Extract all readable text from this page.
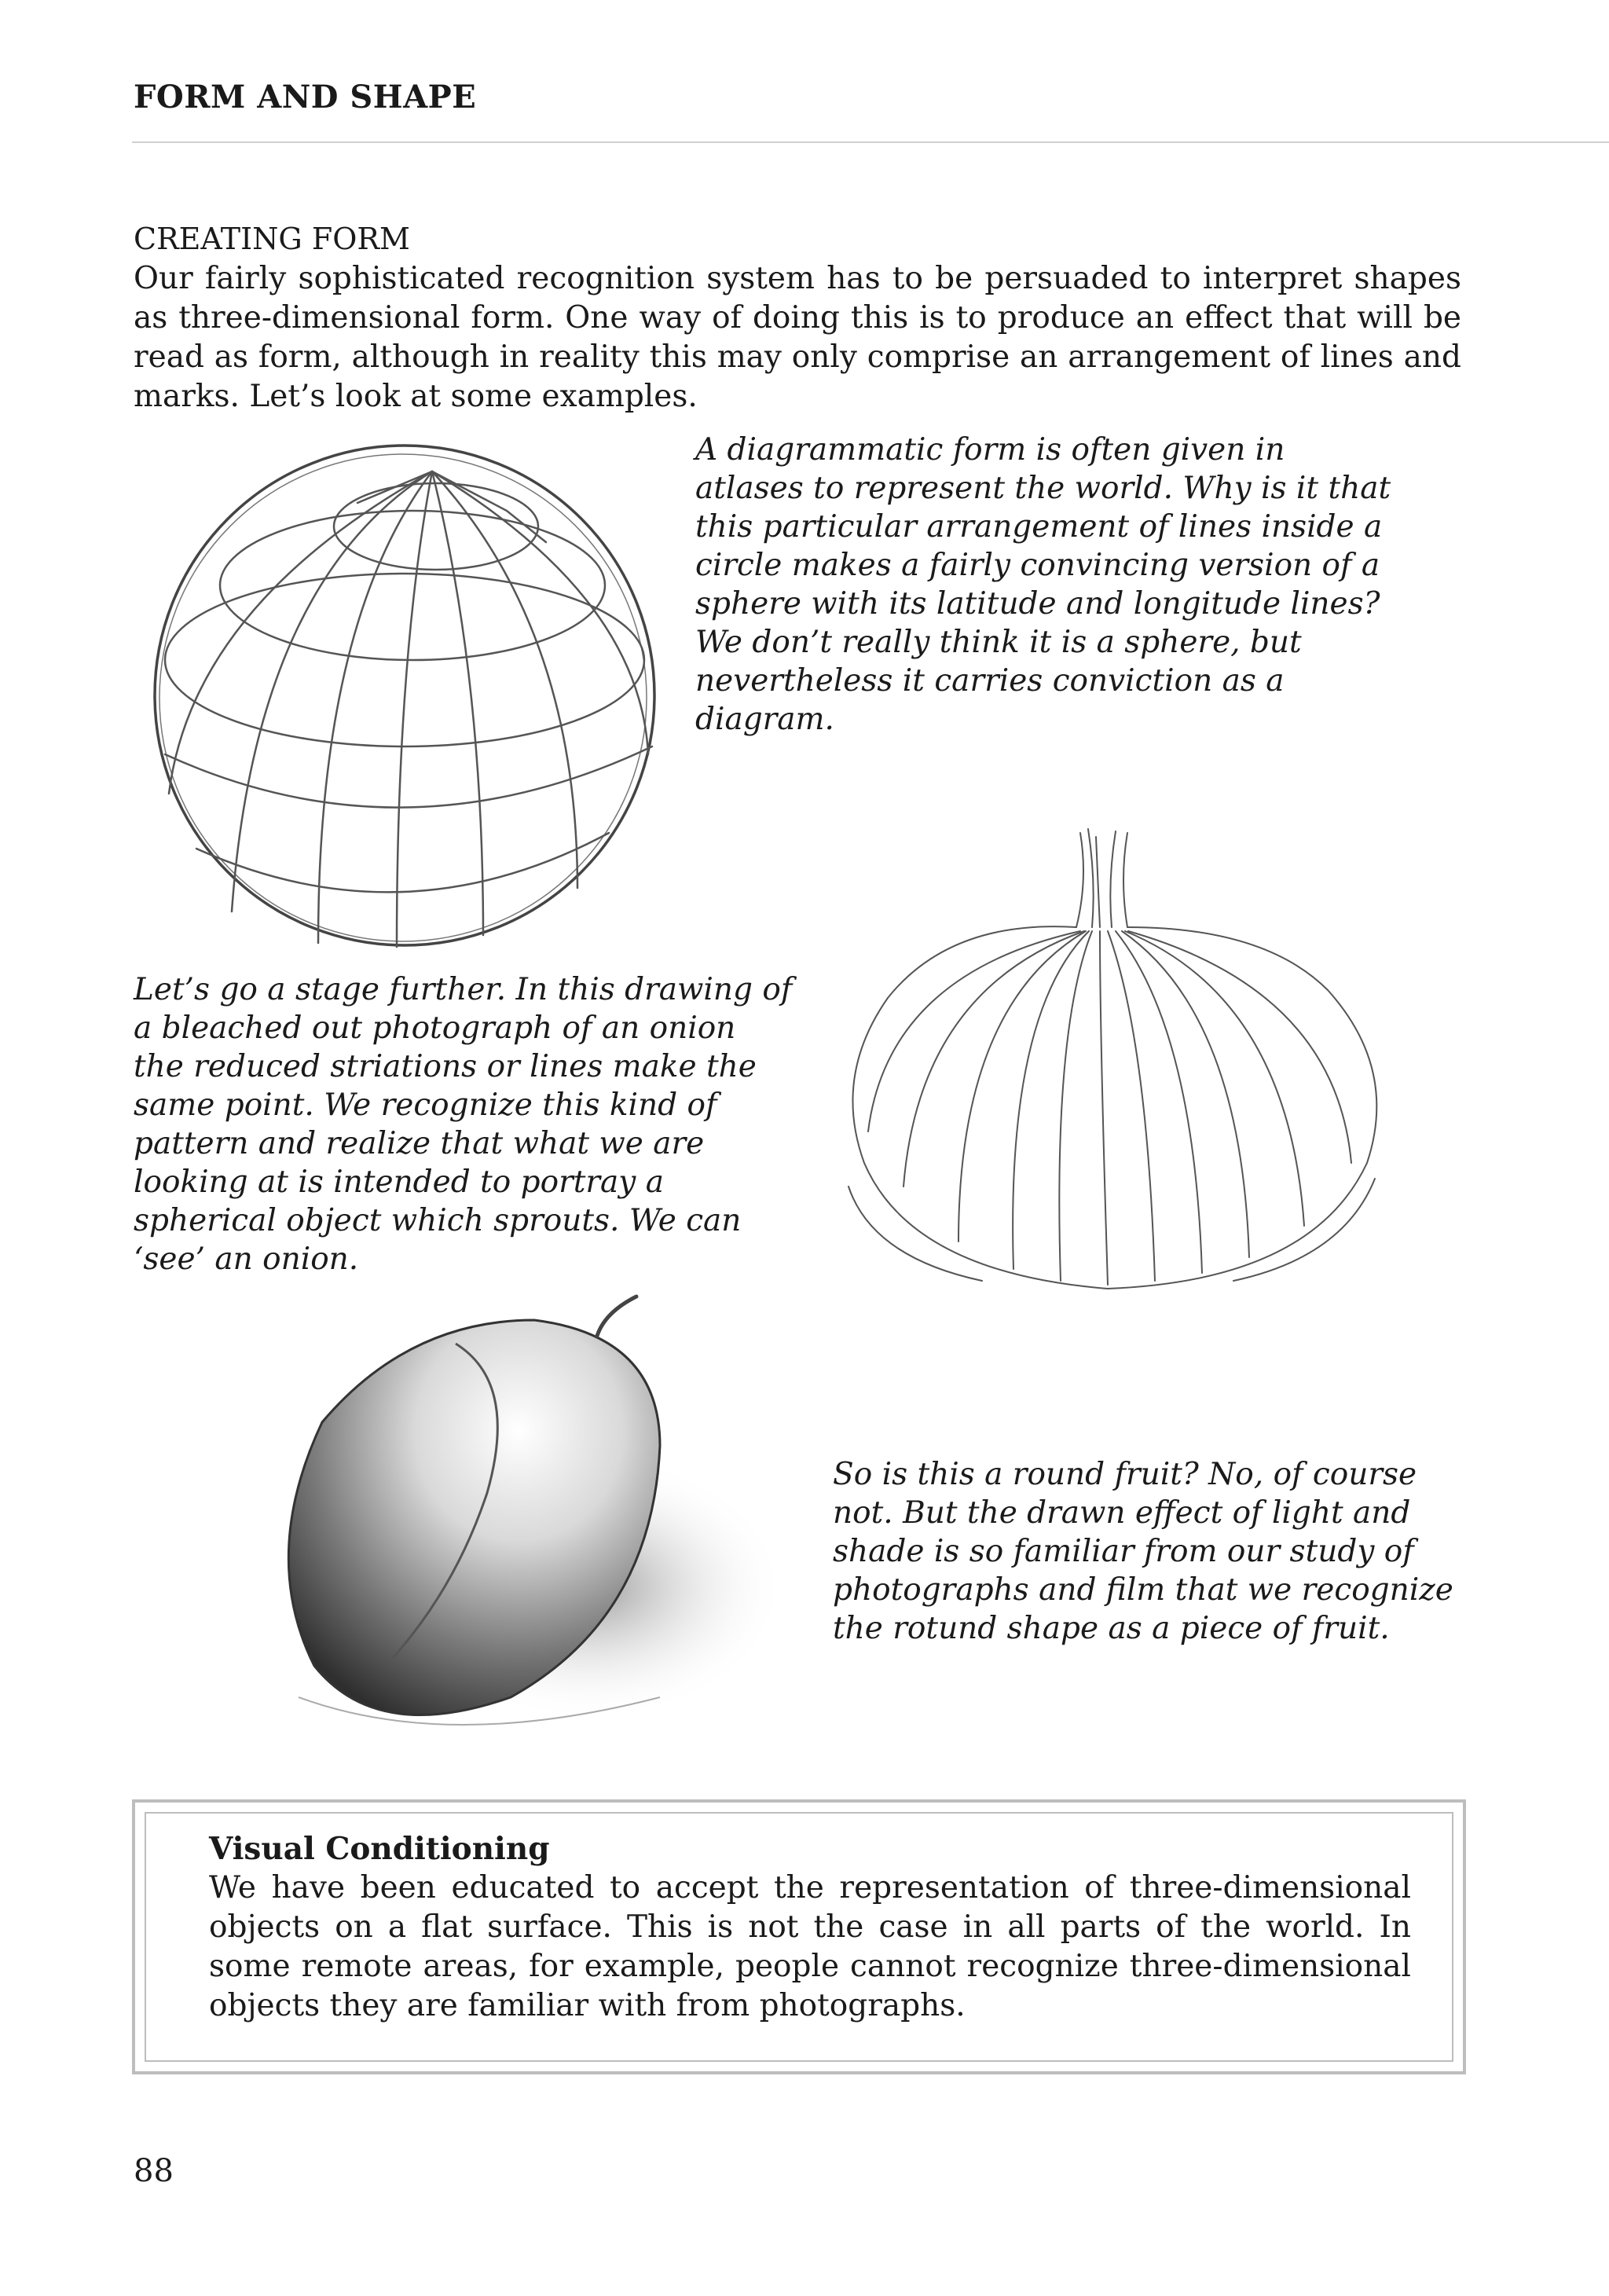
FORM AND SHAPE
CREATING FORM
Our fairly sophisticated recognition system has to be persuaded to interpret shapes as three-dimensional form. One way of doing this is to produce an effect that will be read as form, although in reality this may only comprise an arrangement of lines and marks. Let’s look at some examples.
A diagrammatic form is often given in atlases to represent the world. Why is it that this particular arrangement of lines inside a circle makes a fairly convincing version of a sphere with its latitude and longitude lines? We don’t really think it is a sphere, but nevertheless it carries conviction as a diagram.
Let’s go a stage further. In this drawing of a bleached out photograph of an onion the reduced striations or lines make the same point. We recognize this kind of pattern and realize that what we are looking at is intended to portray a spherical object which sprouts. We can ‘see’ an onion.
So is this a round fruit? No, of course not. But the drawn effect of light and shade is so familiar from our study of photographs and film that we recognize the rotund shape as a piece of fruit.
Visual Conditioning
We have been educated to accept the representation of three-dimensional objects on a flat surface. This is not the case in all parts of the world. In some remote areas, for example, people cannot recognize three-dimensional objects they are familiar with from photographs.
88
